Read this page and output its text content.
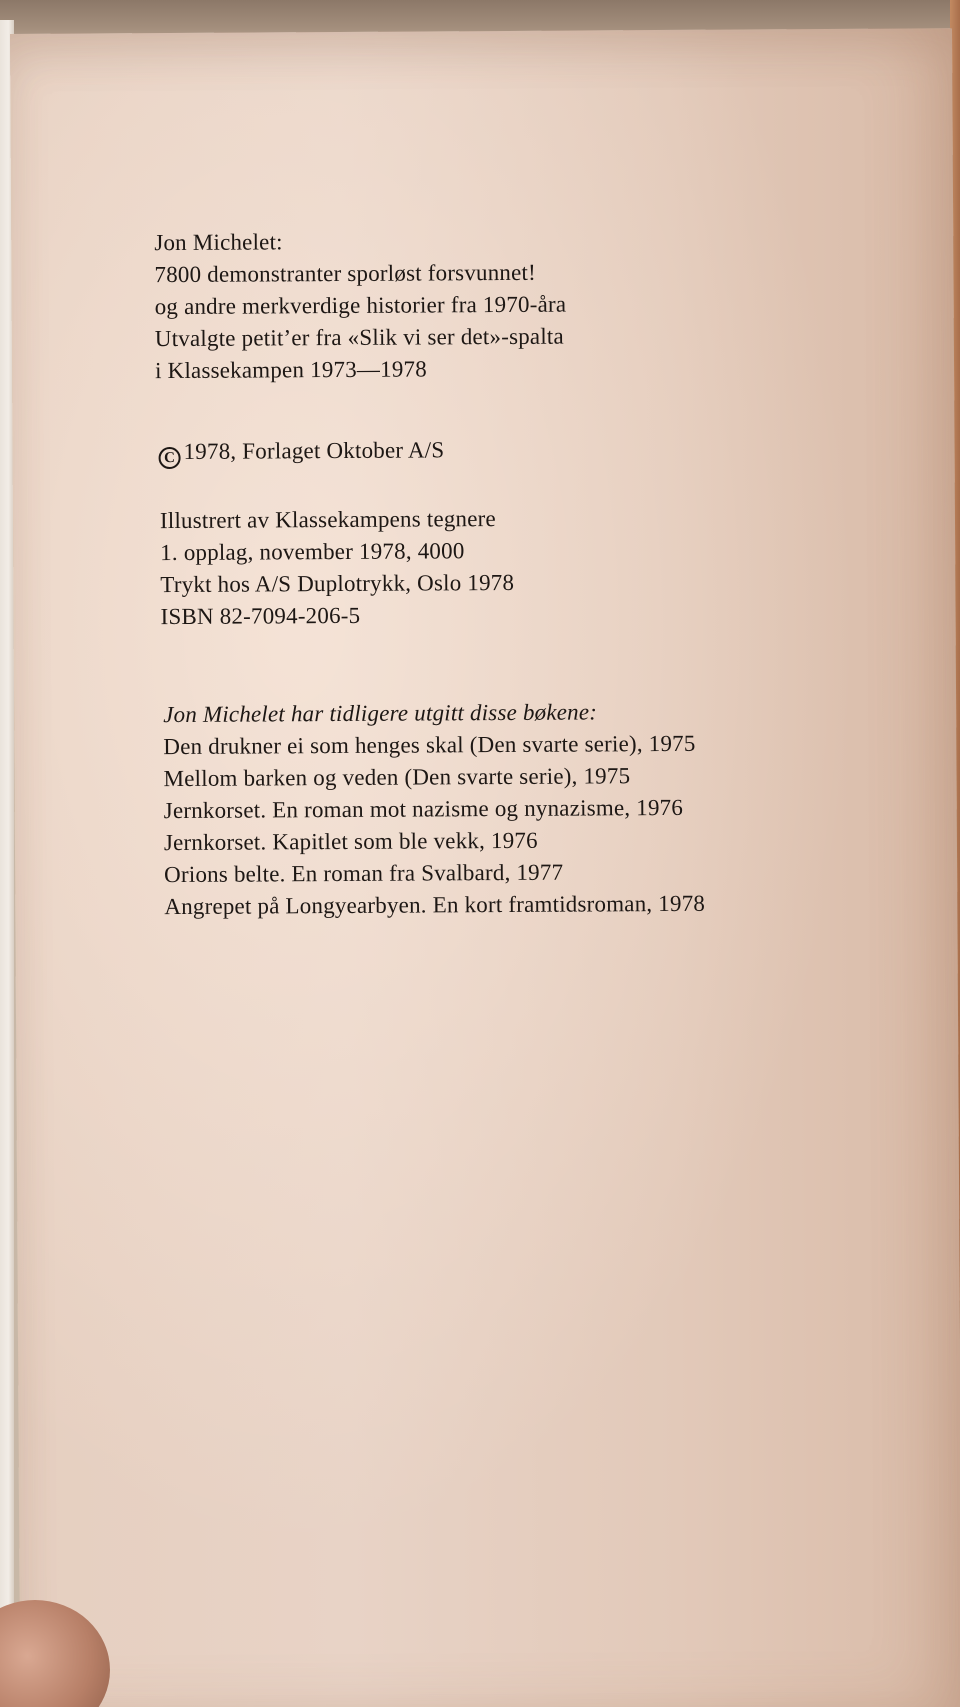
Jon Michelet:
7800 demonstranter sporløst forsvunnet!
og andre merkverdige historier fra 1970-åra
Utvalgte petit’er fra «Slik vi ser det»-spalta
i Klassekampen 1973—1978
C 1978, Forlaget Oktober A/S
Illustrert av Klassekampens tegnere
1. opplag, november 1978, 4000
Trykt hos A/S Duplotrykk, Oslo 1978
ISBN 82-7094-206-5
Jon Michelet har tidligere utgitt disse bøkene:
Den drukner ei som henges skal (Den svarte serie), 1975
Mellom barken og veden (Den svarte serie), 1975
Jernkorset. En roman mot nazisme og nynazisme, 1976
Jernkorset. Kapitlet som ble vekk, 1976
Orions belte. En roman fra Svalbard, 1977
Angrepet på Longyearbyen. En kort framtidsroman, 1978
